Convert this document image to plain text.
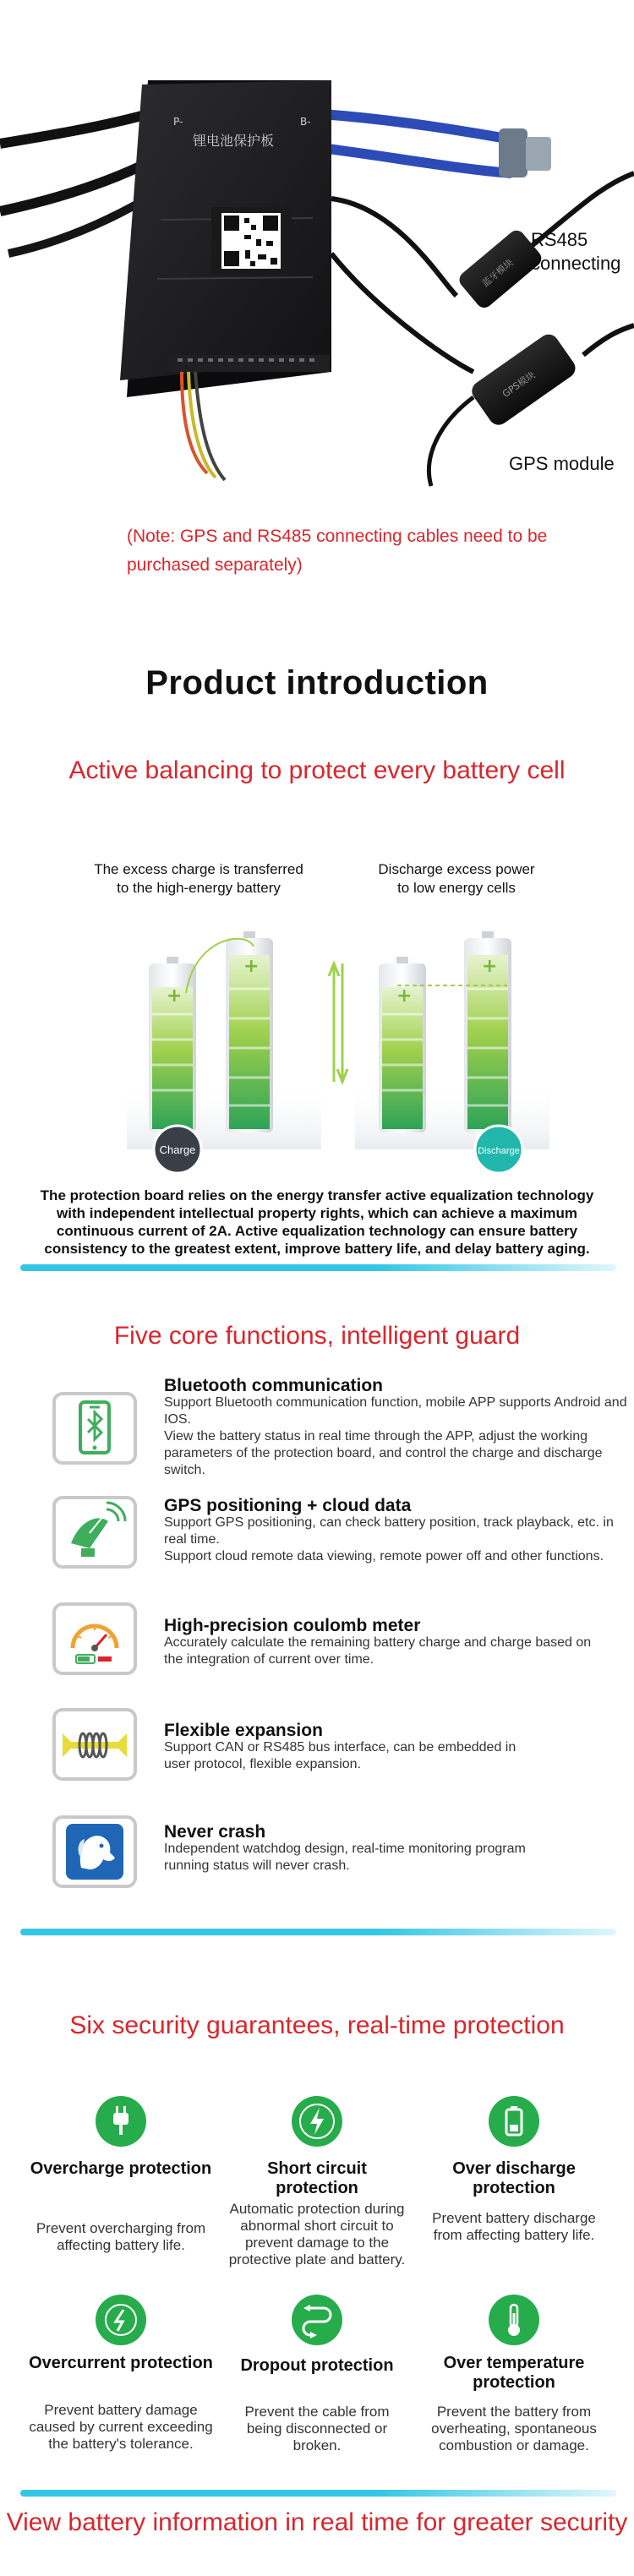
蓝牙模块
GPS模块
P-	B-
锂电池保护板
RS485
connecting
GPS module
(Note: GPS and RS485 connecting cables need to be purchased separately)
Product introduction
Active balancing to protect every battery cell
The excess charge is transferred
to the high-energy battery
Discharge excess power
to low energy cells
+
+
+
+
Charge	Discharge
The protection board relies on the energy transfer active equalization technology with independent intellectual property rights, which can achieve a maximum continuous current of 2A. Active equalization technology can ensure battery consistency to the greatest extent, improve battery life, and delay battery aging.
Five core functions, intelligent guard
Bluetooth communication
Support Bluetooth communication function, mobile APP supports Android and IOS.
View the battery status in real time through the APP, adjust the working parameters of the protection board, and control the charge and discharge switch.
GPS positioning + cloud data
Support GPS positioning, can check battery position, track playback, etc. in real time.
Support cloud remote data viewing, remote power off and other functions.
High-precision coulomb meter
Accurately calculate the remaining battery charge and charge based on the integration of current over time.
Flexible expansion
Support CAN or RS485 bus interface, can be embedded in user protocol, flexible expansion.
Never crash
Independent watchdog design, real-time monitoring program running status will never crash.
Six security guarantees, real-time protection
Overcharge protection
Prevent overcharging from affecting battery life.
Short circuit protection
Automatic protection during abnormal short circuit to prevent damage to the protective plate and battery.
Over discharge protection
Prevent battery discharge from affecting battery life.
Overcurrent protection
Prevent battery damage caused by current exceeding the battery's tolerance.
Dropout protection
Prevent the cable from being disconnected or broken.
Over temperature protection
Prevent the battery from overheating, spontaneous combustion or damage.
View battery information in real time for greater security
